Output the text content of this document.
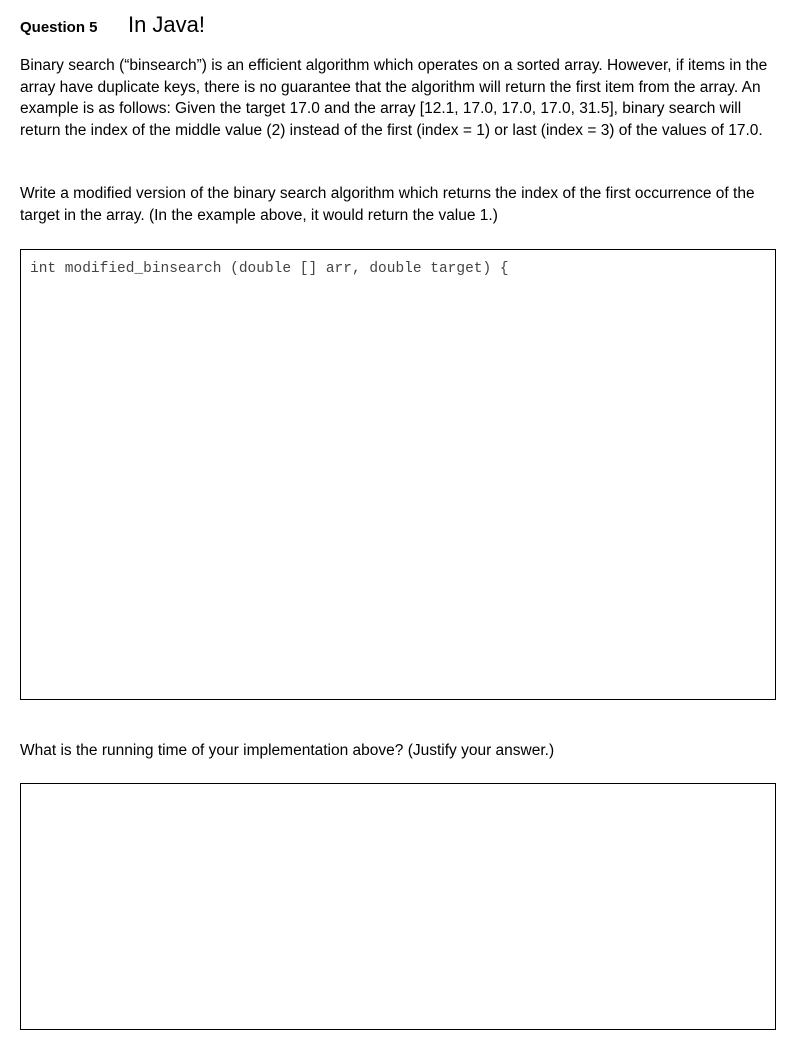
Question 5 In Java!

Binary search (“binsearch”) is an efficient algorithm which operates on a sorted array. However, if items in the array have duplicate keys, there is no guarantee that the algorithm will return the first item from the array. An example is as follows: Given the target 17.0 and the array [12.1, 17.0, 17.0, 17.0, 31.5], binary search will return the index of the middle value (2) instead of the first (index = 1) or last (index = 3) of the values of 17.0.

Write a modified version of the binary search algorithm which returns the index of the first occurrence of the target in the array. (In the example above, it would return the value 1.)

int modified_binsearch (double [] arr, double target) {

What is the running time of your implementation above? (Justify your answer.)
